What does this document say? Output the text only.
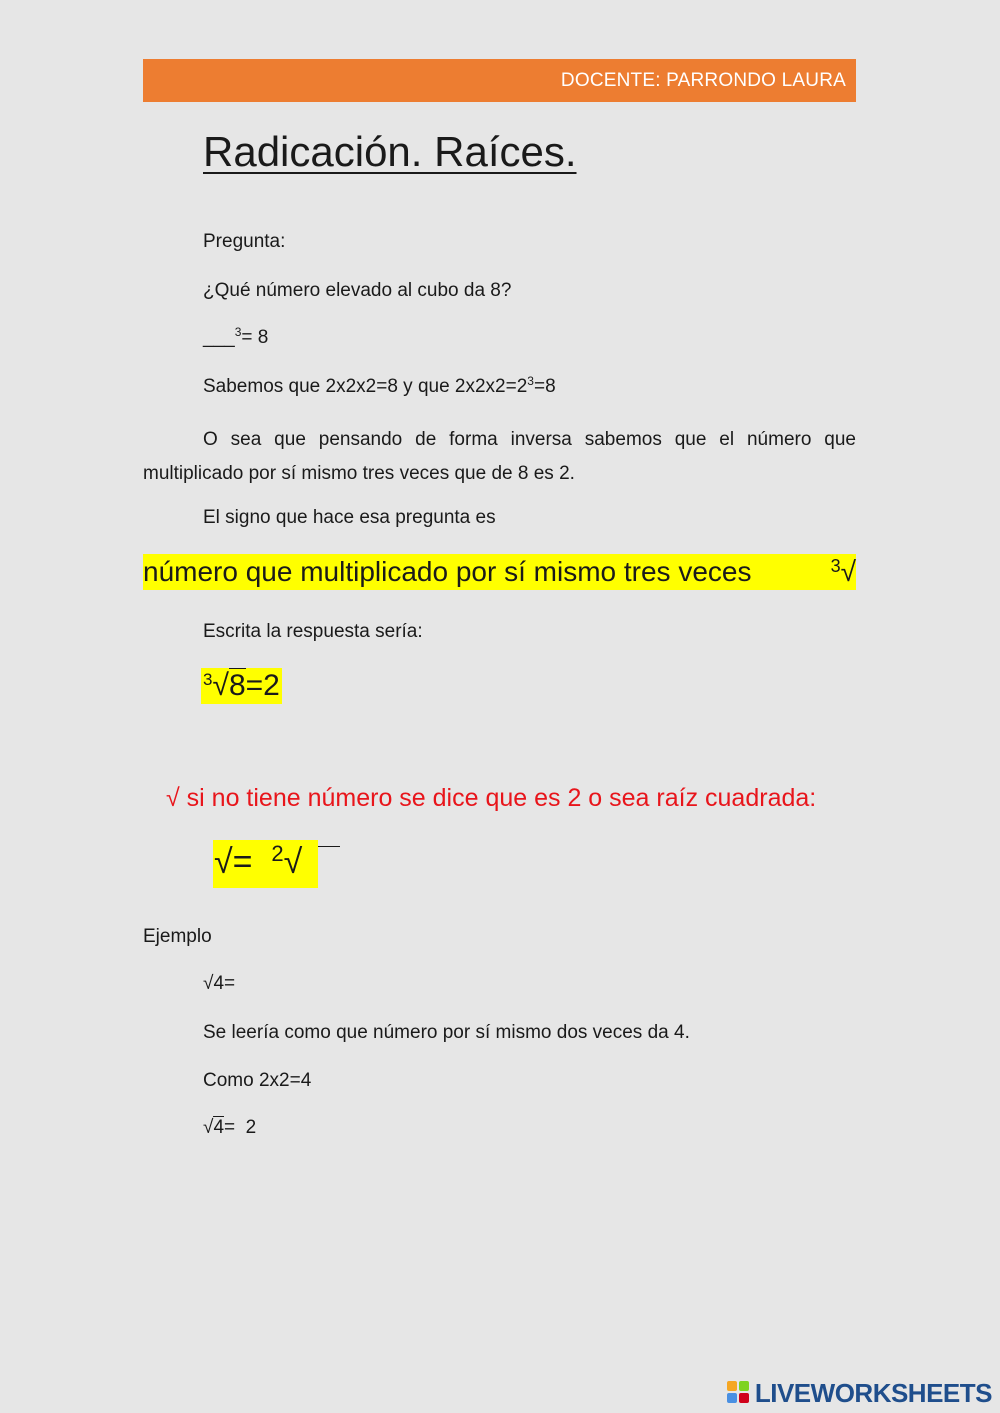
DOCENTE: PARRONDO LAURA
Radicación. Raíces.
Pregunta:
¿Qué número elevado al cubo da 8?
___$^3$= 8
Sabemos que 2x2x2=8 y que $2x2x2=2^3=8$
O sea que pensando de forma inversa sabemos que el número que multiplicado por sí mismo tres veces que de 8 es 2.
El signo que hace esa pregunta es
número que multiplicado por sí mismo tres veces	$^3$√
Escrita la respuesta sería:
$^3$√8=2
√ si no tiene número se dice que es 2 o sea raíz cuadrada:
√= $^2$√
Ejemplo
√4=
Se leería como que número por sí mismo dos veces da 4.
Como 2x2=4
√4=  2
LIVEWORKSHEETS
